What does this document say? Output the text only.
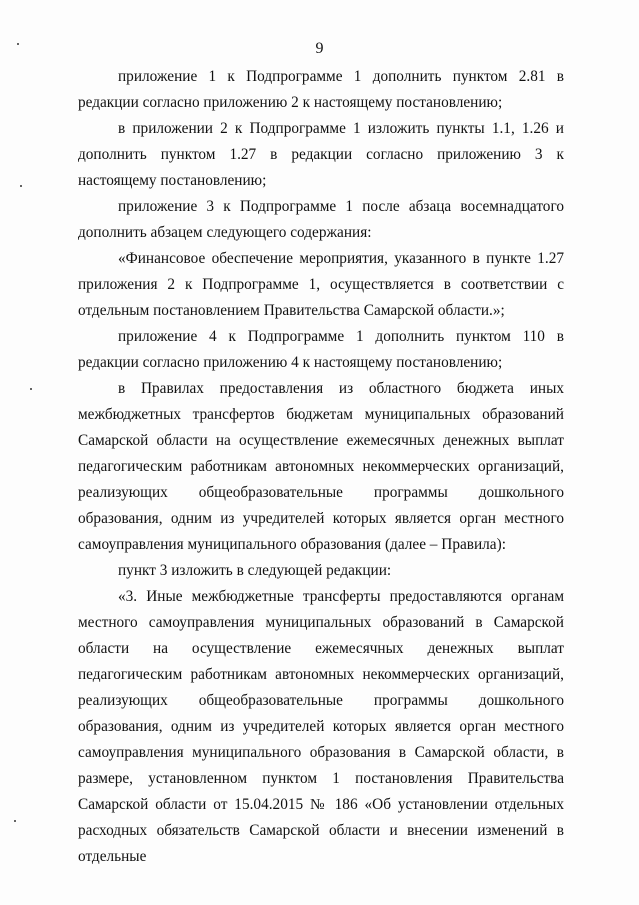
9

приложение 1 к Подпрограмме 1 дополнить пунктом 2.81 в редакции согласно приложению 2 к настоящему постановлению;

в приложении 2 к Подпрограмме 1 изложить пункты 1.1, 1.26 и дополнить пунктом 1.27 в редакции согласно приложению 3 к настоящему постановлению;

приложение 3 к Подпрограмме 1 после абзаца восемнадцатого дополнить абзацем следующего содержания:

«Финансовое обеспечение мероприятия, указанного в пункте 1.27 приложения 2 к Подпрограмме 1, осуществляется в соответствии с отдельным постановлением Правительства Самарской области.»;

приложение 4 к Подпрограмме 1 дополнить пунктом 110 в редакции согласно приложению 4 к настоящему постановлению;

в Правилах предоставления из областного бюджета иных межбюджетных трансфертов бюджетам муниципальных образований Самарской области на осуществление ежемесячных денежных выплат педагогическим работникам автономных некоммерческих организаций, реализующих общеобразовательные программы дошкольного образования, одним из учредителей которых является орган местного самоуправления муниципального образования (далее – Правила):

пункт 3 изложить в следующей редакции:

«3. Иные межбюджетные трансферты предоставляются органам местного самоуправления муниципальных образований в Самарской области на осуществление ежемесячных денежных выплат педагогическим работникам автономных некоммерческих организаций, реализующих общеобразовательные программы дошкольного образования, одним из учредителей которых является орган местного самоуправления муниципального образования в Самарской области, в размере, установленном пунктом 1 постановления Правительства Самарской области от 15.04.2015 № 186 «Об установлении отдельных расходных обязательств Самарской области и внесении изменений в отдельные
